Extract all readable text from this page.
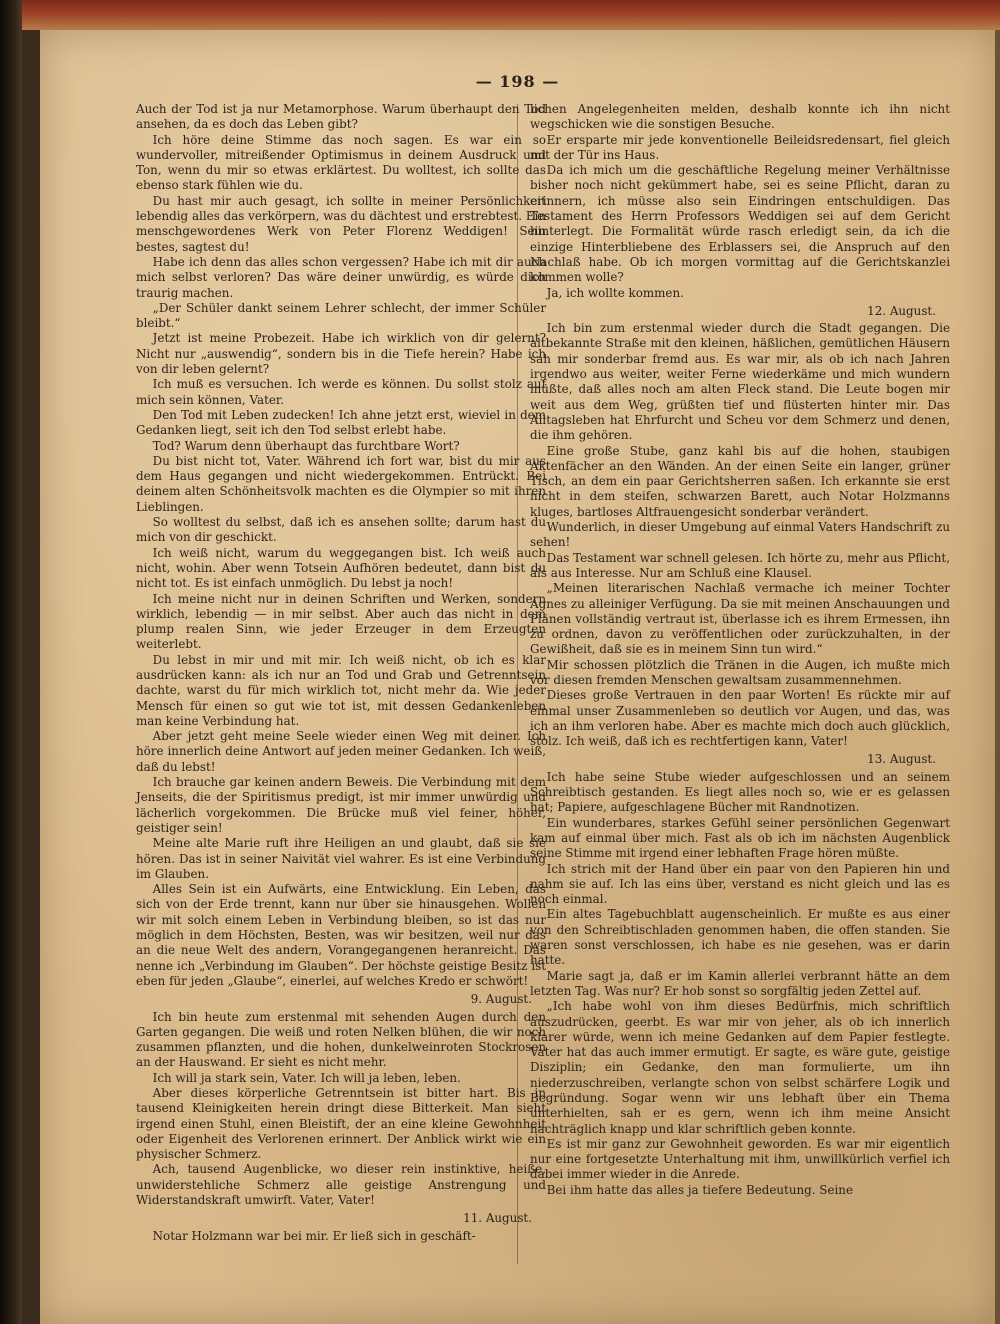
— 198 —

Auch der Tod ist ja nur Metamorphose. Warum überhaupt den Tod ansehen, da es doch das Leben gibt?

Ich höre deine Stimme das noch sagen. Es war ein so wundervoller, mitreißender Optimismus in deinem Ausdruck und Ton, wenn du mir so etwas erklärtest. Du wolltest, ich sollte das ebenso stark fühlen wie du.

Du hast mir auch gesagt, ich sollte in meiner Persönlichkeit lebendig alles das verkörpern, was du dächtest und erstrebtest. Ein menschgewordenes Werk von Peter Florenz Weddigen! Sein bestes, sagtest du!

Habe ich denn das alles schon vergessen? Habe ich mit dir auch mich selbst verloren? Das wäre deiner unwürdig, es würde dich traurig machen.

„Der Schüler dankt seinem Lehrer schlecht, der immer Schüler bleibt.“

Jetzt ist meine Probezeit. Habe ich wirklich von dir gelernt? Nicht nur „auswendig“, sondern bis in die Tiefe herein? Habe ich von dir leben gelernt?

Ich muß es versuchen. Ich werde es können. Du sollst stolz auf mich sein können, Vater.

Den Tod mit Leben zudecken! Ich ahne jetzt erst, wieviel in dem Gedanken liegt, seit ich den Tod selbst erlebt habe.

Tod? Warum denn überhaupt das furchtbare Wort?

Du bist nicht tot, Vater. Während ich fort war, bist du mir aus dem Haus gegangen und nicht wiedergekommen. Entrückt. Bei deinem alten Schönheitsvolk machten es die Olympier so mit ihren Lieblingen.

So wolltest du selbst, daß ich es ansehen sollte; darum hast du mich von dir geschickt.

Ich weiß nicht, warum du weggegangen bist. Ich weiß auch nicht, wohin. Aber wenn Totsein Aufhören bedeutet, dann bist du nicht tot. Es ist einfach unmöglich. Du lebst ja noch!

Ich meine nicht nur in deinen Schriften und Werken, sondern wirklich, lebendig — in mir selbst. Aber auch das nicht in dem plump realen Sinn, wie jeder Erzeuger in dem Erzeugten weiterlebt.

Du lebst in mir und mit mir. Ich weiß nicht, ob ich es klar ausdrücken kann: als ich nur an Tod und Grab und Getrenntsein dachte, warst du für mich wirklich tot, nicht mehr da. Wie jeder Mensch für einen so gut wie tot ist, mit dessen Gedankenleben man keine Verbindung hat.

Aber jetzt geht meine Seele wieder einen Weg mit deiner. Ich höre innerlich deine Antwort auf jeden meiner Gedanken. Ich weiß, daß du lebst!

Ich brauche gar keinen andern Beweis. Die Verbindung mit dem Jenseits, die der Spiritismus predigt, ist mir immer unwürdig und lächerlich vorgekommen. Die Brücke muß viel feiner, höher, geistiger sein!

Meine alte Marie ruft ihre Heiligen an und glaubt, daß sie sie hören. Das ist in seiner Naivität viel wahrer. Es ist eine Verbindung im Glauben.

Alles Sein ist ein Aufwärts, eine Entwicklung. Ein Leben, das sich von der Erde trennt, kann nur über sie hinausgehen. Wollen wir mit solch einem Leben in Verbindung bleiben, so ist das nur möglich in dem Höchsten, Besten, was wir besitzen, weil nur das an die neue Welt des andern, Vorangegangenen heranreicht. Das nenne ich „Verbindung im Glauben“. Der höchste geistige Besitz ist eben für jeden „Glaube“, einerlei, auf welches Kredo er schwört!

9. August.

Ich bin heute zum erstenmal mit sehenden Augen durch den Garten gegangen. Die weiß und roten Nelken blühen, die wir noch zusammen pflanzten, und die hohen, dunkelweinroten Stockrosen an der Hauswand. Er sieht es nicht mehr.

Ich will ja stark sein, Vater. Ich will ja leben, leben.

Aber dieses körperliche Getrenntsein ist bitter hart. Bis in tausend Kleinigkeiten herein dringt diese Bitterkeit. Man sieht irgend einen Stuhl, einen Bleistift, der an eine kleine Gewohnheit oder Eigenheit des Verlorenen erinnert. Der Anblick wirkt wie ein physischer Schmerz.

Ach, tausend Augenblicke, wo dieser rein instinktive, heiße, unwiderstehliche Schmerz alle geistige Anstrengung und Widerstandskraft umwirft. Vater, Vater!

11. August.

Notar Holzmann war bei mir. Er ließ sich in geschäft-

lichen Angelegenheiten melden, deshalb konnte ich ihn nicht wegschicken wie die sonstigen Besuche.

Er ersparte mir jede konventionelle Beileidsredensart, fiel gleich mit der Tür ins Haus.

Da ich mich um die geschäftliche Regelung meiner Verhältnisse bisher noch nicht gekümmert habe, sei es seine Pflicht, daran zu erinnern, ich müsse also sein Eindringen entschuldigen. Das Testament des Herrn Professors Weddigen sei auf dem Gericht hinterlegt. Die Formalität würde rasch erledigt sein, da ich die einzige Hinterbliebene des Erblassers sei, die Anspruch auf den Nachlaß habe. Ob ich morgen vormittag auf die Gerichtskanzlei kommen wolle?

Ja, ich wollte kommen.

12. August.

Ich bin zum erstenmal wieder durch die Stadt gegangen. Die altbekannte Straße mit den kleinen, häßlichen, gemütlichen Häusern sah mir sonderbar fremd aus. Es war mir, als ob ich nach Jahren irgendwo aus weiter, weiter Ferne wiederkäme und mich wundern müßte, daß alles noch am alten Fleck stand. Die Leute bogen mir weit aus dem Weg, grüßten tief und flüsterten hinter mir. Das Alltagsleben hat Ehrfurcht und Scheu vor dem Schmerz und denen, die ihm gehören.

Eine große Stube, ganz kahl bis auf die hohen, staubigen Aktenfächer an den Wänden. An der einen Seite ein langer, grüner Tisch, an dem ein paar Gerichtsherren saßen. Ich erkannte sie erst nicht in dem steifen, schwarzen Barett, auch Notar Holzmanns kluges, bartloses Altfrauengesicht sonderbar verändert.

Wunderlich, in dieser Umgebung auf einmal Vaters Handschrift zu sehen!

Das Testament war schnell gelesen. Ich hörte zu, mehr aus Pflicht, als aus Interesse. Nur am Schluß eine Klausel.

„Meinen literarischen Nachlaß vermache ich meiner Tochter Agnes zu alleiniger Verfügung. Da sie mit meinen Anschauungen und Plänen vollständig vertraut ist, überlasse ich es ihrem Ermessen, ihn zu ordnen, davon zu veröffentlichen oder zurückzuhalten, in der Gewißheit, daß sie es in meinem Sinn tun wird.“

Mir schossen plötzlich die Tränen in die Augen, ich mußte mich vor diesen fremden Menschen gewaltsam zusammennehmen.

Dieses große Vertrauen in den paar Worten! Es rückte mir auf einmal unser Zusammenleben so deutlich vor Augen, und das, was ich an ihm verloren habe. Aber es machte mich doch auch glücklich, stolz. Ich weiß, daß ich es rechtfertigen kann, Vater!

13. August.

Ich habe seine Stube wieder aufgeschlossen und an seinem Schreibtisch gestanden. Es liegt alles noch so, wie er es gelassen hat; Papiere, aufgeschlagene Bücher mit Randnotizen.

Ein wunderbares, starkes Gefühl seiner persönlichen Gegenwart kam auf einmal über mich. Fast als ob ich im nächsten Augenblick seine Stimme mit irgend einer lebhaften Frage hören müßte.

Ich strich mit der Hand über ein paar von den Papieren hin und nahm sie auf. Ich las eins über, verstand es nicht gleich und las es noch einmal.

Ein altes Tagebuchblatt augenscheinlich. Er mußte es aus einer von den Schreibtischladen genommen haben, die offen standen. Sie waren sonst verschlossen, ich habe es nie gesehen, was er darin hatte.

Marie sagt ja, daß er im Kamin allerlei verbrannt hätte an dem letzten Tag. Was nur? Er hob sonst so sorgfältig jeden Zettel auf.

„Ich habe wohl von ihm dieses Bedürfnis, mich schriftlich auszudrücken, geerbt. Es war mir von jeher, als ob ich innerlich klarer würde, wenn ich meine Gedanken auf dem Papier festlegte. Vater hat das auch immer ermutigt. Er sagte, es wäre gute, geistige Disziplin; ein Gedanke, den man formulierte, um ihn niederzuschreiben, verlangte schon von selbst schärfere Logik und Begründung. Sogar wenn wir uns lebhaft über ein Thema unterhielten, sah er es gern, wenn ich ihm meine Ansicht nachträglich knapp und klar schriftlich geben konnte.

Es ist mir ganz zur Gewohnheit geworden. Es war mir eigentlich nur eine fortgesetzte Unterhaltung mit ihm, unwillkürlich verfiel ich dabei immer wieder in die Anrede.

Bei ihm hatte das alles ja tiefere Bedeutung. Seine
